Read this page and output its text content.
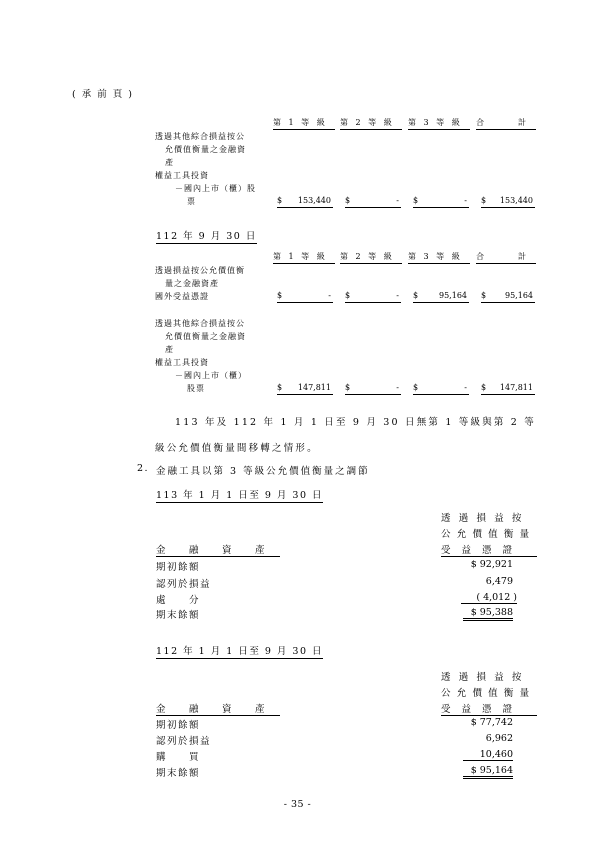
( 承 前 頁 )
第 1 等 級	第 2 等 級	第 3 等 級	合　　　計
透過其他綜合損益按公
允價值衡量之金融資
產
權益工具投資
－國內上市（櫃）股
票	$ 153,440 $	- $	- $ 153,440
112 年 9 月 30 日
第 1 等 級	第 2 等 級	第 3 等 級	合　　　計
透過損益按公允價值衡
量之金融資產
國外受益憑證	$	- $	- $	95,164 $ 95,164
透過其他綜合損益按公
允價值衡量之金融資
產
權益工具投資
－國內上市（櫃）
股票	$ 147,811 $	- $	- $ 147,811
113 年及 112 年 1 月 1 日至 9 月 30 日無第 1 等級與第 2 等
級公允價值衡量間移轉之情形。
2. 金融工具以第 3 等級公允價值衡量之調節
113 年 1 月 1 日至 9 月 30 日
透 過 損 益 按
公 允 價 值 衡 量
受 益 憑 證
金　　融　　資　　產
期初餘額	$ 92,921
認列於損益	6,479
處　　分	( 4,012 )
期末餘額	$ 95,388
112 年 1 月 1 日至 9 月 30 日
透 過 損 益 按
公 允 價 值 衡 量
受 益 憑 證
金　　融　　資　　產
期初餘額	$ 77,742
認列於損益	6,962
購　　買	10,460
期末餘額	$ 95,164
- 35 -
